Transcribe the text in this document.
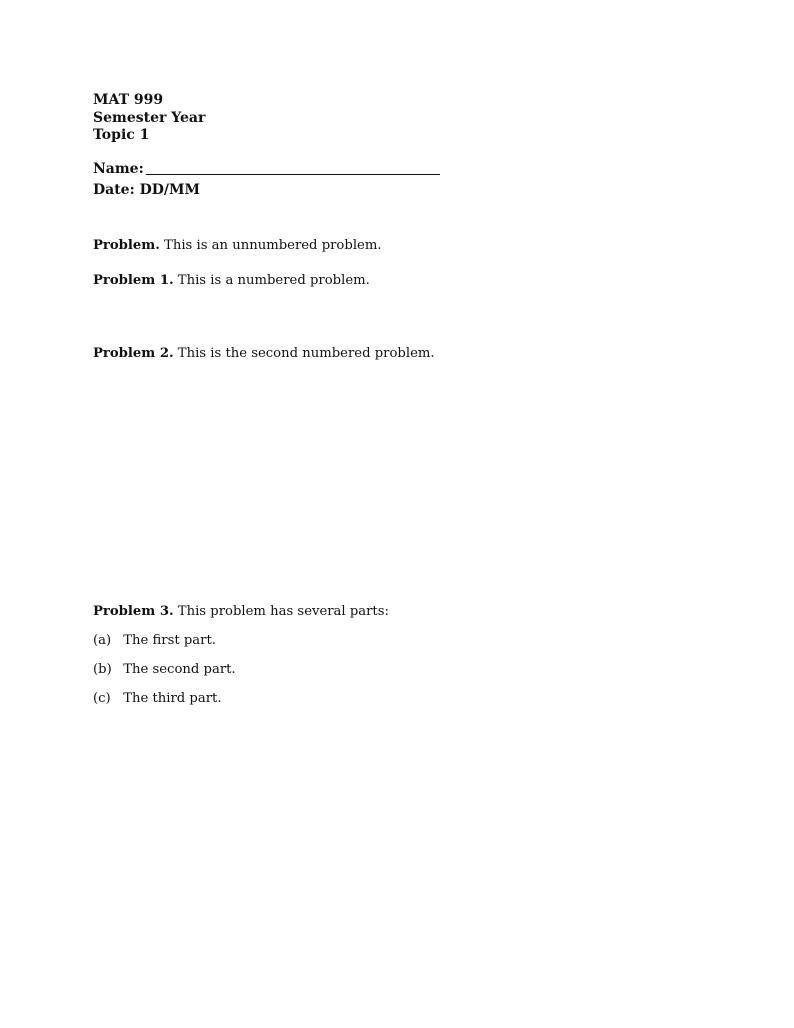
MAT 999
Semester Year
Topic 1
Name:
Date: DD/MM
Problem. This is an unnumbered problem.
Problem 1. This is a numbered problem.
Problem 2. This is the second numbered problem.
Problem 3. This problem has several parts:
(a) The first part.
(b) The second part.
(c) The third part.
